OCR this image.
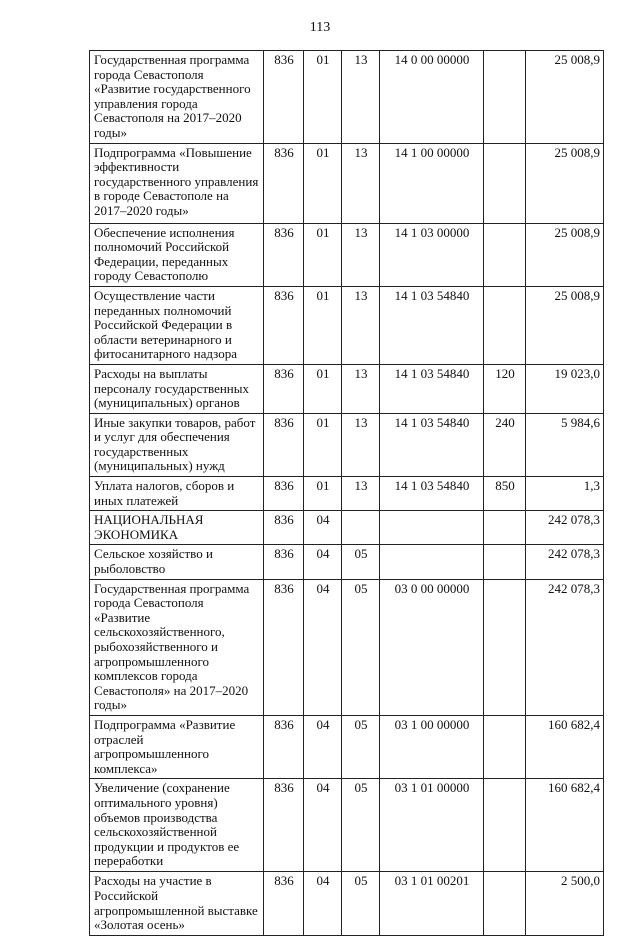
113
Государственная программа города Севастополя «Развитие государственного управления города Севастополя на 2017–2020 годы»	836	01	13	14 0 00 00000		25 008,9
Подпрограмма «Повышение эффективности государственного управления в городе Севастополе на 2017–2020 годы»	836	01	13	14 1 00 00000		25 008,9
Обеспечение исполнения полномочий Российской Федерации, переданных городу Севастополю	836	01	13	14 1 03 00000		25 008,9
Осуществление части переданных полномочий Российской Федерации в области ветеринарного и фитосанитарного надзора	836	01	13	14 1 03 54840		25 008,9
Расходы на выплаты персоналу государственных (муниципальных) органов	836	01	13	14 1 03 54840	120	19 023,0
Иные закупки товаров, работ и услуг для обеспечения государственных (муниципальных) нужд	836	01	13	14 1 03 54840	240	5 984,6
Уплата налогов, сборов и иных платежей	836	01	13	14 1 03 54840	850	1,3
НАЦИОНАЛЬНАЯ ЭКОНОМИКА	836	04				242 078,3
Сельское хозяйство и рыболовство	836	04	05			242 078,3
Государственная программа города Севастополя «Развитие сельскохозяйственного, рыбохозяйственного и агропромышленного комплексов города Севастополя» на 2017–2020 годы»	836	04	05	03 0 00 00000		242 078,3
Подпрограмма «Развитие отраслей агропромышленного комплекса»	836	04	05	03 1 00 00000		160 682,4
Увеличение (сохранение оптимального уровня) объемов производства сельскохозяйственной продукции и продуктов ее переработки	836	04	05	03 1 01 00000		160 682,4
Расходы на участие в Российской агропромышленной выставке «Золотая осень»	836	04	05	03 1 01 00201		2 500,0
